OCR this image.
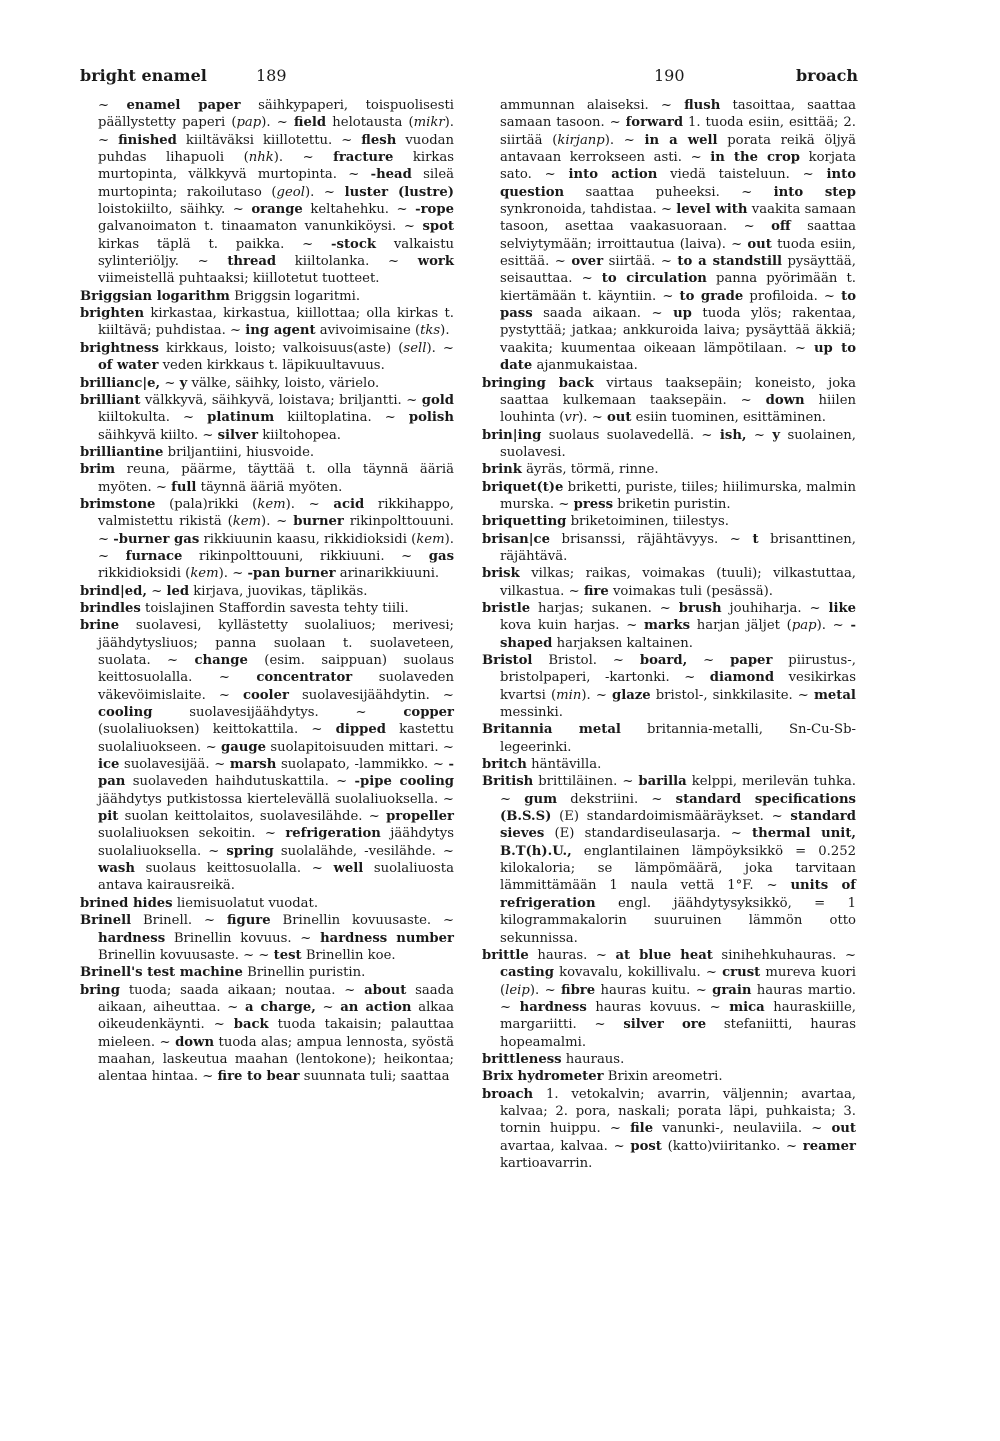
bright enamel	189	190	broach

~ enamel paper säihkypaperi, toispuolisesti päällystetty paperi (pap). ~ field helotausta (mikr). ~ finished kiiltäväksi kiillotettu. ~ flesh vuodan puhdas lihapuoli (nhk). ~ fracture kirkas murtopinta, välkkyvä murtopinta. ~ -head sileä murtopinta; rakoilutaso (geol). ~ luster (lustre) loistokiilto, säihky. ~ orange keltahehku. ~ -rope galvanoimaton t. tinaamaton vanunkiköysi. ~ spot kirkas täplä t. paikka. ~ -stock valkaistu sylinteriöljy. ~ thread kiiltolanka. ~ work viimeistellä puhtaaksi; kiillotetut tuotteet.

Briggsian logarithm Briggsin logaritmi.

brighten kirkastaa, kirkastua, kiillottaa; olla kirkas t. kiiltävä; puhdistaa. ~ ing agent avivoimisaine (tks).

brightness kirkkaus, loisto; valkoisuus(aste) (sell). ~ of water veden kirkkaus t. läpikuultavuus.

brillianc|e, ~ y välke, säihky, loisto, värielo.

brilliant välkkyvä, säihkyvä, loistava; briljantti. ~ gold kiiltokulta. ~ platinum kiiltoplatina. ~ polish säihkyvä kiilto. ~ silver kiiltohopea.

brilliantine briljantiini, hiusvoide.

brim reuna, päärme, täyttää t. olla täynnä ääriä myöten. ~ full täynnä ääriä myöten.

brimstone (pala)rikki (kem). ~ acid rikkihappo, valmistettu rikistä (kem). ~ burner rikinpolttouuni. ~ -burner gas rikkiuunin kaasu, rikkidioksidi (kem). ~ furnace rikinpolttouuni, rikkiuuni. ~ gas rikkidioksidi (kem). ~ -pan burner arinarikkiuuni.

brind|ed, ~ led kirjava, juovikas, täplikäs.

brindles toislajinen Staffordin savesta tehty tiili.

brine suolavesi, kyllästetty suolaliuos; merivesi; jäähdytysliuos; panna suolaan t. suolaveteen, suolata. ~ change (esim. saippuan) suolaus keittosuolalla. ~ concentrator suolaveden väkevöimislaite. ~ cooler suolavesijäähdytin. ~ cooling	suolavesijäähdytys.	~	copper (suolaliuoksen) keittokattila. ~ dipped kastettu suolaliuokseen. ~ gauge suolapitoisuuden mittari. ~ ice suolavesijää. ~ marsh suolapato, -lammikko. ~ -pan suolaveden haihdutuskattila. ~ -pipe cooling jäähdytys putkistossa kiertelevällä suolaliuoksella. ~ pit suolan keittolaitos, suolavesilähde. ~ propeller suolaliuoksen sekoitin. ~ refrigeration jäähdytys suolaliuoksella. ~ spring suolalähde, -vesilähde. ~ wash suolaus keittosuolalla. ~ well suolaliuosta antava kairausreikä.

brined hides liemisuolatut vuodat.

Brinell Brinell. ~ figure Brinellin kovuusaste. ~ hardness Brinellin kovuus. ~ hardness number Brinellin kovuusaste. ~ ~ test Brinellin koe.

Brinell's test machine Brinellin puristin.

bring tuoda; saada aikaan; noutaa. ~ about saada aikaan, aiheuttaa. ~ a charge, ~ an action alkaa oikeudenkäynti. ~ back tuoda takaisin; palauttaa mieleen. ~ down tuoda alas; ampua lennosta, syöstä maahan, laskeutua maahan (lentokone); heikontaa; alentaa hintaa. ~ fire to bear suunnata tuli; saattaa

ammunnan alaiseksi. ~ flush tasoittaa, saattaa samaan tasoon. ~ forward 1. tuoda esiin, esittää; 2. siirtää (kirjanp). ~ in a well porata reikä öljyä antavaan kerrokseen asti. ~ in the crop korjata sato. ~ into action viedä taisteluun. ~ into question saattaa puheeksi. ~ into step synkronoida, tahdistaa. ~ level with vaakita samaan tasoon, asettaa vaakasuoraan. ~ off saattaa selviytymään; irroittautua (laiva). ~ out tuoda esiin, esittää. ~ over siirtää. ~ to a standstill pysäyttää, seisauttaa. ~ to circulation panna pyörimään t. kiertämään t. käyntiin. ~ to grade profiloida. ~ to pass saada aikaan. ~ up tuoda ylös; rakentaa, pystyttää; jatkaa; ankkuroida laiva; pysäyttää äkkiä; vaakita; kuumentaa oikeaan lämpötilaan. ~ up to date ajanmukaistaa.

bringing back virtaus taaksepäin; koneisto, joka saattaa kulkemaan taaksepäin. ~ down hiilen louhinta (vr). ~ out esiin tuominen, esittäminen.

brin|ing suolaus suolavedellä. ~ ish, ~ y suolainen, suolavesi.

brink äyräs, törmä, rinne.

briquet(t)e briketti, puriste, tiiles; hiilimurska, malmin murska. ~ press briketin puristin.

briquetting briketoiminen, tiilestys.

brisan|ce brisanssi, räjähtävyys. ~ t brisanttinen, räjähtävä.

brisk vilkas; raikas, voimakas (tuuli); vilkastuttaa, vilkastua. ~ fire voimakas tuli (pesässä).

bristle harjas; sukanen. ~ brush jouhiharja. ~ like kova kuin harjas. ~ marks harjan jäljet (pap). ~ -shaped harjaksen kaltainen.

Bristol Bristol. ~ board, ~ paper piirustus-, bristolpaperi, -kartonki. ~ diamond vesikirkas kvartsi (min). ~ glaze bristol-, sinkkilasite. ~ metal messinki.

Britannia metal britannia-metalli, Sn-Cu-Sb-legeerinki.

britch häntävilla.

British brittiläinen. ~ barilla kelppi, merilevän tuhka. ~ gum dekstriini. ~ standard specifications (B.S.S) (E) standardoimismääräykset. ~ standard sieves (E) standardiseulasarja. ~ thermal unit, B.T(h).U., englantilainen lämpöyksikkö = 0.252 kilokaloria; se lämpömäärä, joka tarvitaan lämmittämään 1 naula vettä 1°F. ~ units of refrigeration engl. jäähdytysyksikkö, = 1 kilogrammakalorin suuruinen lämmön otto sekunnissa.

brittle hauras. ~ at blue heat sinihehkuhauras. ~ casting kovavalu, kokillivalu. ~ crust mureva kuori (leip). ~ fibre hauras kuitu. ~ grain hauras martio. ~ hardness hauras kovuus. ~ mica hauraskiille, margariitti. ~ silver ore stefaniitti, hauras hopeamalmi.

brittleness hauraus.

Brix hydrometer Brixin areometri.

broach 1. vetokalvin; avarrin, väljennin; avartaa, kalvaa; 2. pora, naskali; porata läpi, puhkaista; 3. tornin huippu. ~ file vanunki-, neulaviila. ~ out avartaa, kalvaa. ~ post (katto)viiritanko. ~ reamer kartioavarrin.
